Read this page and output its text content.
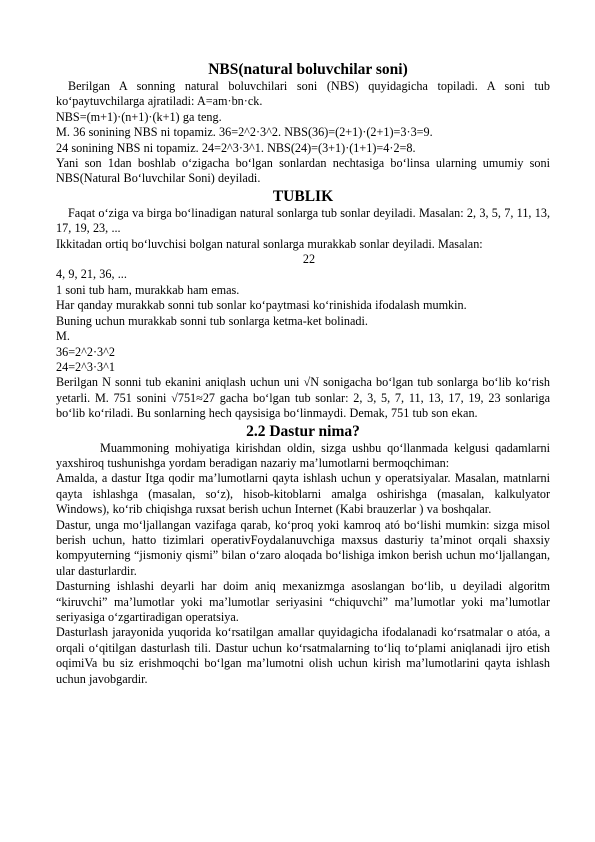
NBS(natural boluvchilar soni)

Berilgan A sonning natural boluvchilari soni (NBS) quyidagicha topiladi. A soni tub ko‘paytuvchilarga ajratiladi: A=am·bn·ck.

NBS=(m+1)·(n+1)·(k+1) ga teng.

M. 36 sonining NBS ni topamiz. 36=2^2·3^2. NBS(36)=(2+1)·(2+1)=3·3=9.

24 sonining NBS ni topamiz. 24=2^3·3^1. NBS(24)=(3+1)·(1+1)=4·2=8.

Yani son 1dan boshlab o‘zigacha bo‘lgan sonlardan nechtasiga bo‘linsa ularning umumiy soni NBS(Natural Bo‘luvchilar Soni) deyiladi.

TUBLIK

Faqat o‘ziga va birga bo‘linadigan natural sonlarga tub sonlar deyiladi. Masalan: 2, 3, 5, 7, 11, 13, 17, 19, 23, ...

Ikkitadan ortiq bo‘luvchisi bolgan natural sonlarga murakkab sonlar deyiladi. Masalan:

22

4, 9, 21, 36, ...

1 soni tub ham, murakkab ham emas.

Har qanday murakkab sonni tub sonlar ko‘paytmasi ko‘rinishida ifodalash mumkin.

Buning uchun murakkab sonni tub sonlarga ketma-ket bolinadi.

M.

36=2^2·3^2

24=2^3·3^1

Berilgan N sonni tub ekanini aniqlash uchun uni √N sonigacha bo‘lgan tub sonlarga bo‘lib ko‘rish yetarli. M. 751 sonini √751≈27 gacha bo‘lgan tub sonlar: 2, 3, 5, 7, 11, 13, 17, 19, 23 sonlariga bo‘lib ko‘riladi. Bu sonlarning hech qaysisiga bo‘linmaydi. Demak, 751 tub son ekan.

2.2 Dastur nima?

Muammoning mohiyatiga kirishdan oldin, sizga ushbu qo‘llanmada kelgusi qadamlarni yaxshiroq tushunishga yordam beradigan nazariy ma’lumotlarni bermoqchiman:

Amalda, a dastur Itga qodir ma’lumotlarni qayta ishlash uchun y operatsiyalar. Masalan, matnlarni qayta ishlashga (masalan, so‘z), hisob-kitoblarni amalga oshirishga (masalan, kalkulyator Windows), ko‘rib chiqishga ruxsat berish uchun Internet (Kabi brauzerlar ) va boshqalar.

Dastur, unga mo‘ljallangan vazifaga qarab, ko‘proq yoki kamroq ató bo‘lishi mumkin: sizga misol berish uchun, hatto tizimlari operativFoydalanuvchiga maxsus dasturiy ta’minot orqali shaxsiy kompyuterning “jismoniy qismi” bilan o‘zaro aloqada bo‘lishiga imkon berish uchun mo‘ljallangan, ular dasturlardir.

Dasturning ishlashi deyarli har doim aniq mexanizmga asoslangan bo‘lib, u deyiladi algoritm “kiruvchi” ma’lumotlar yoki ma’lumotlar seriyasini “chiquvchi” ma’lumotlar yoki ma’lumotlar seriyasiga o‘zgartiradigan operatsiya.

Dasturlash jarayonida yuqorida ko‘rsatilgan amallar quyidagicha ifodalanadi ko‘rsatmalar o atóa, a orqali o‘qitilgan dasturlash tili. Dastur uchun ko‘rsatmalarning to‘liq to‘plami aniqlanadi ijro etish oqimiVa bu siz erishmoqchi bo‘lgan ma’lumotni olish uchun kirish ma’lumotlarini qayta ishlash uchun javobgardir.
